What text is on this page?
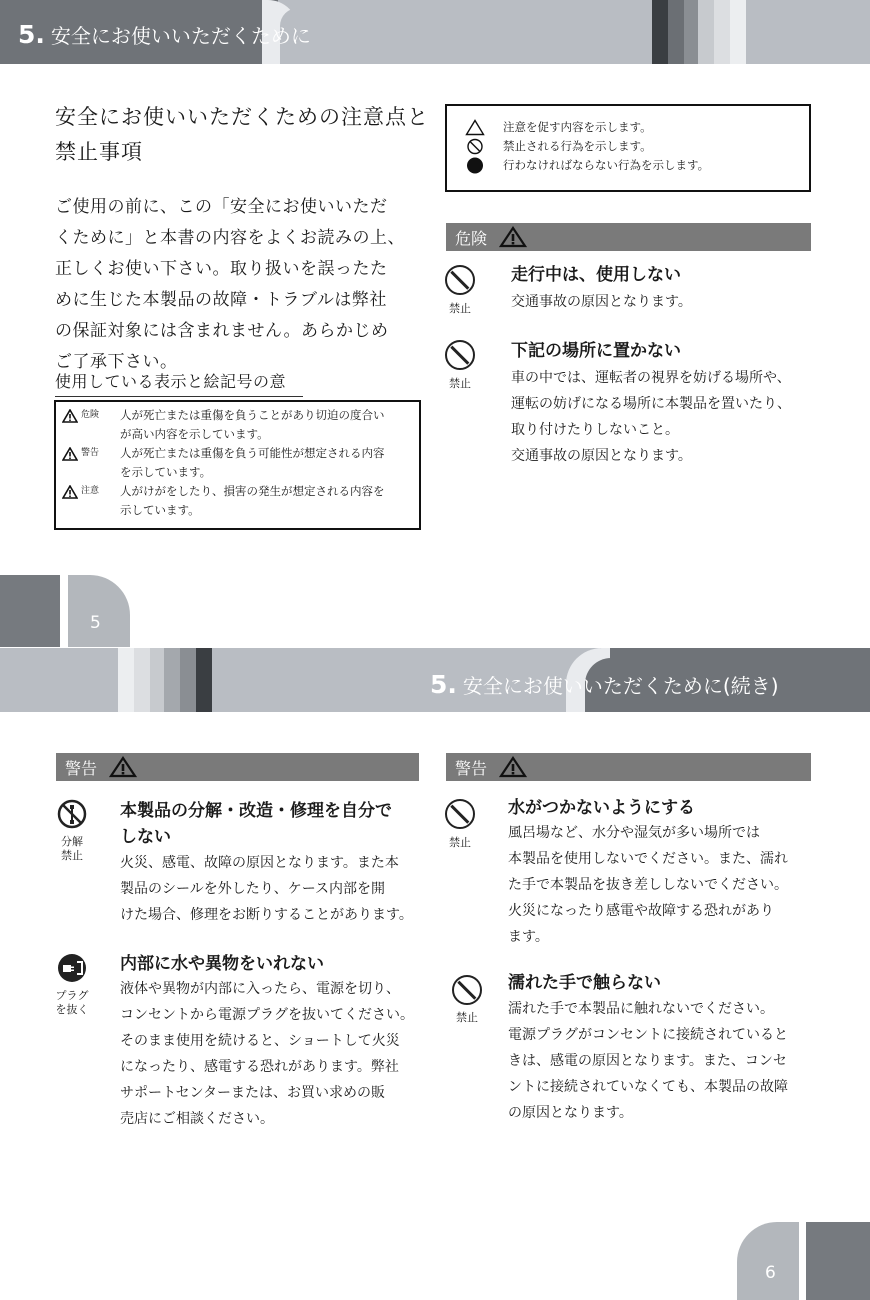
5. 安全にお使いいただくために
安全にお使いいただくための注意点と
禁止事項
ご使用の前に、この「安全にお使いいただ
くために」と本書の内容をよくお読みの上、
正しくお使い下さい。取り扱いを誤ったた
めに生じた本製品の故障・トラブルは弊社
の保証対象には含まれません。あらかじめ
ご了承下さい。
使用している表示と絵記号の意
危険 人が死亡または重傷を負うことがあり切迫の度合い
が高い内容を示しています。
警告 人が死亡または重傷を負う可能性が想定される内容
を示しています。
注意 人がけがをしたり、損害の発生が想定される内容を
示しています。
注意を促す内容を示します。
禁止される行為を示します。
行わなければならない行為を示します。
危険
禁止
走行中は、使用しない
交通事故の原因となります。
禁止
下記の場所に置かない
車の中では、運転者の視界を妨げる場所や、
運転の妨げになる場所に本製品を置いたり、
取り付けたりしないこと。
交通事故の原因となります。
5
5. 安全にお使いいただくために(続き)
警告
分解
禁止
本製品の分解・改造・修理を自分で
しない
火災、感電、故障の原因となります。また本
製品のシールを外したり、ケース内部を開
けた場合、修理をお断りすることがあります。
プラグ
を抜く
内部に水や異物をいれない
液体や異物が内部に入ったら、電源を切り、
コンセントから電源プラグを抜いてください。
そのまま使用を続けると、ショートして火災
になったり、感電する恐れがあります。弊社
サポートセンターまたは、お買い求めの販
売店にご相談ください。
警告
禁止
水がつかないようにする
風呂場など、水分や湿気が多い場所では
本製品を使用しないでください。また、濡れ
た手で本製品を抜き差ししないでください。
火災になったり感電や故障する恐れがあり
ます。
禁止
濡れた手で触らない
濡れた手で本製品に触れないでください。
電源プラグがコンセントに接続されていると
きは、感電の原因となります。また、コンセ
ントに接続されていなくても、本製品の故障
の原因となります。
6
